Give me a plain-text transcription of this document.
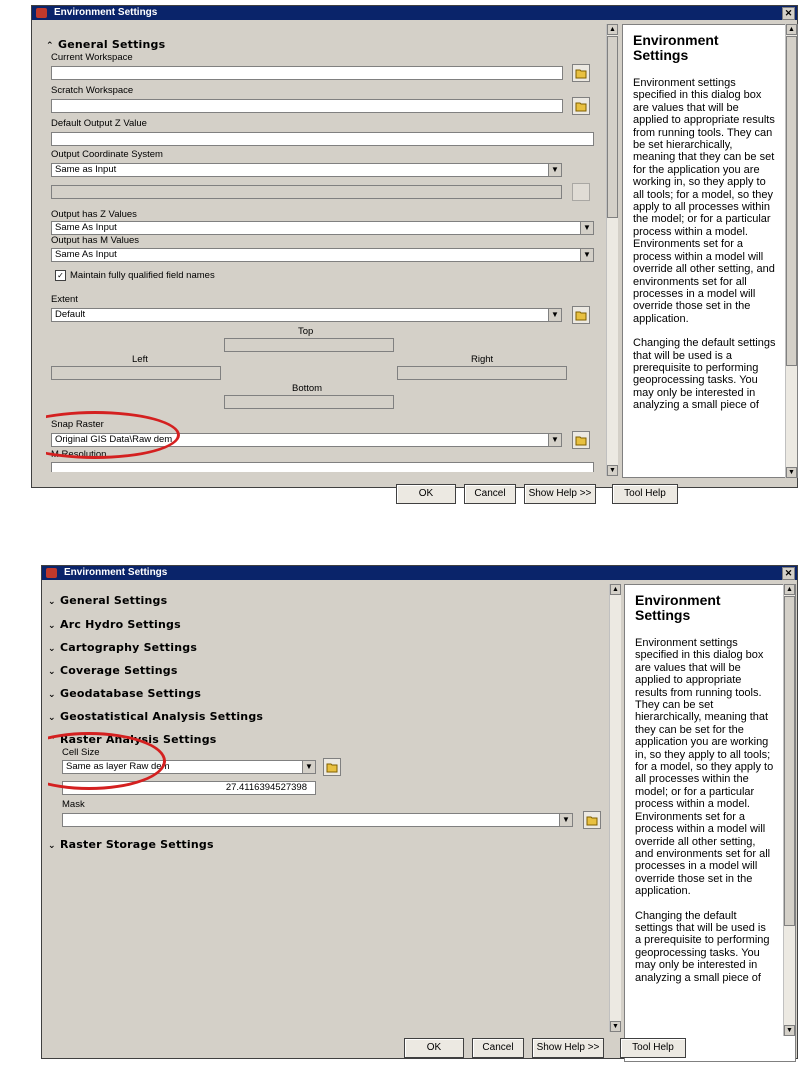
Environment Settings	✕
⌃ General Settings
Current Workspace
Scratch Workspace
Default Output Z Value
Output Coordinate System
Same as Input	▼
Output has Z Values
Same As Input	▼
Output has M Values
Same As Input	▼
✓ Maintain fully qualified field names
Extent
Default	▼
Top
Left	Right
Bottom
Snap Raster
Original GIS Data\Raw dem	▼
M Resolution
▲
▼
Environment Settings

Environment settings specified in this dialog box are values that will be applied to appropriate results from running tools. They can be set hierarchically, meaning that they can be set for the application you are working in, so they apply to all tools; for a model, so they apply to all processes within the model; or for a particular process within a model. Environments set for a process within a model will override all other setting, and environments set for all processes in a model will override those set in the application.

Changing the default settings that will be used is a prerequisite to performing geoprocessing tasks. You may only be interested in analyzing a small piece of

▲
▼
OK	Cancel	Show Help >>	Tool Help
Environment Settings	✕
⌄ General Settings
⌄ Arc Hydro Settings
⌄ Cartography Settings
⌄ Coverage Settings
⌄ Geodatabase Settings
⌄ Geostatistical Analysis Settings
⌃ Raster Analysis Settings
Cell Size
Same as layer Raw dem	▼
27.4116394527398
Mask
▼
⌄ Raster Storage Settings
▲
▼
Environment Settings

Environment settings specified in this dialog box are values that will be applied to appropriate results from running tools. They can be set hierarchically, meaning that they can be set for the application you are working in, so they apply to all tools; for a model, so they apply to all processes within the model; or for a particular process within a model. Environments set for a process within a model will override all other setting, and environments set for all processes in a model will override those set in the application.

Changing the default settings that will be used is a prerequisite to performing geoprocessing tasks. You may only be interested in analyzing a small piece of

▲
▼
OK	Cancel	Show Help >>	Tool Help
